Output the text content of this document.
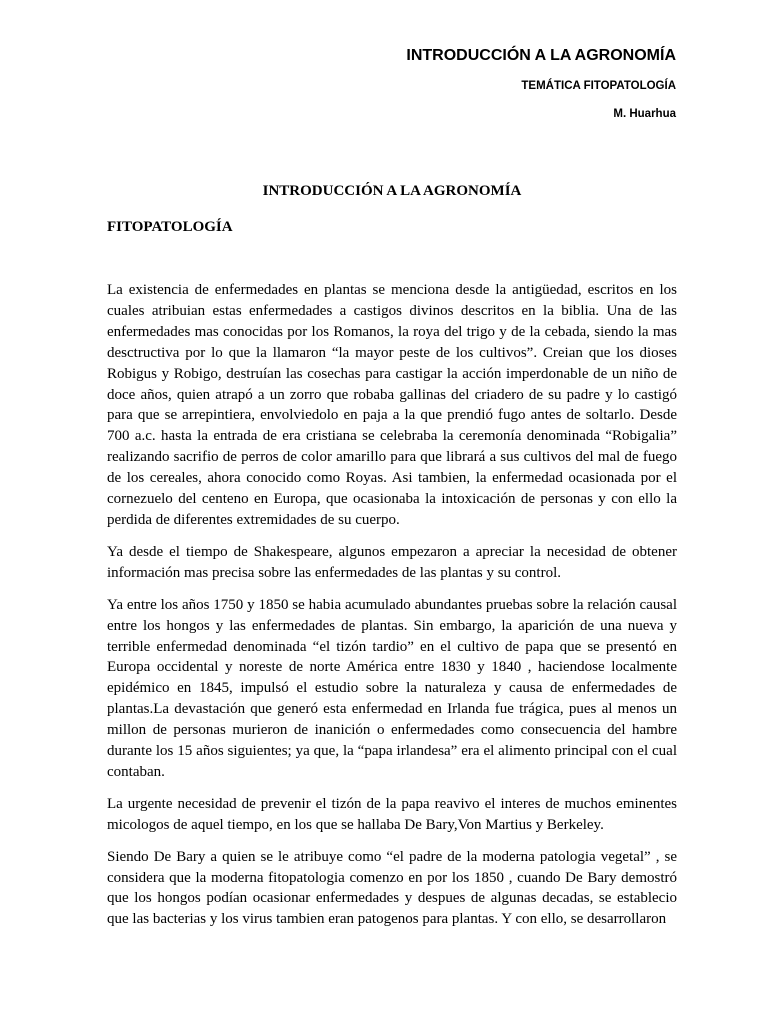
INTRODUCCIÓN A LA AGRONOMÍA

TEMÁTICA FITOPATOLOGÍA

M. Huarhua

INTRODUCCIÓN A LA AGRONOMÍA

FITOPATOLOGÍA

La existencia de enfermedades en plantas se menciona desde la antigüedad, escritos en los cuales atribuian estas enfermedades a castigos divinos descritos en la biblia. Una de las enfermedades mas conocidas por los Romanos, la roya del trigo y de la cebada, siendo la mas desctructiva por lo que la llamaron “la mayor peste de los cultivos”. Creian que los dioses Robigus y Robigo, destruían las cosechas para castigar la acción imperdonable de un niño de doce años, quien atrapó a un zorro que robaba gallinas del criadero de su padre y lo castigó para que se arrepintiera, envolviedolo en paja a la que prendió fugo antes de soltarlo. Desde 700 a.c. hasta la entrada de era cristiana se celebraba la ceremonía denominada “Robigalia” realizando sacrifio de perros de color amarillo para que librará a sus cultivos del mal de fuego de los cereales, ahora conocido como Royas. Asi tambien, la enfermedad ocasionada por el cornezuelo del centeno en Europa, que ocasionaba la intoxicación de personas y con ello la perdida de diferentes extremidades de su cuerpo.

Ya desde el tiempo de Shakespeare, algunos empezaron a apreciar la necesidad de obtener información mas precisa sobre las enfermedades de las plantas y su control.

Ya entre los años 1750 y 1850 se habia acumulado abundantes pruebas sobre la relación causal entre los hongos y las enfermedades de plantas. Sin embargo, la aparición de una nueva y terrible enfermedad denominada “el tizón tardio” en el cultivo de papa que se presentó en Europa occidental y noreste de norte América entre 1830 y 1840 , haciendose localmente epidémico en 1845, impulsó el estudio sobre la naturaleza y causa de enfermedades de plantas.La devastación que generó esta enfermedad en Irlanda fue trágica, pues al menos un millon de personas murieron de inanición o enfermedades como consecuencia del hambre durante los 15 años siguientes; ya que, la “papa irlandesa” era el alimento principal con el cual contaban.

La urgente necesidad de prevenir el tizón de la papa reavivo el interes de muchos eminentes micologos de aquel tiempo, en los que se hallaba De Bary,Von Martius y Berkeley.

Siendo De Bary a quien se le atribuye como “el padre de la moderna patologia vegetal” , se considera que la moderna fitopatologia comenzo en por los 1850 , cuando De Bary demostró que los hongos podían ocasionar enfermedades y despues de algunas decadas, se establecio que las bacterias y los virus tambien eran patogenos para plantas. Y con ello, se desarrollaron
